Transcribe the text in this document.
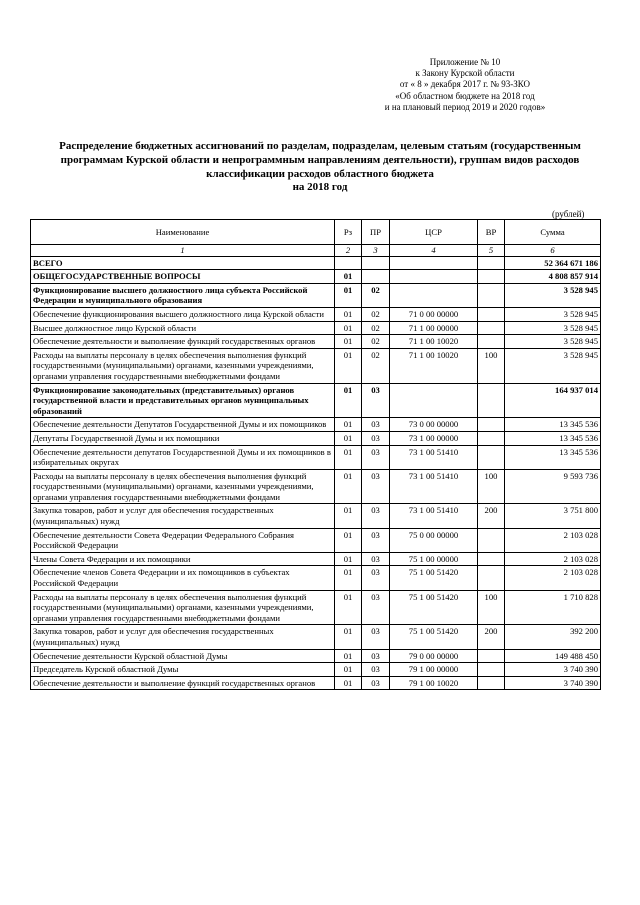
Приложение № 10
к Закону Курской области
от « 8 » декабря 2017 г. № 93-ЗКО
«Об областном бюджете на 2018 год
и на плановый период 2019 и 2020 годов»
Распределение бюджетных ассигнований по разделам, подразделам, целевым статьям (государственным
программам Курской области и непрограммным направлениям деятельности), группам видов расходов
классификации расходов областного бюджета
на 2018 год
(рублей)
Наименование	Рз	ПР	ЦСР	ВР	Сумма
1	2	3	4	5	6
ВСЕГО					52 364 671 186
ОБЩЕГОСУДАРСТВЕННЫЕ ВОПРОСЫ	01				4 808 857 914
Функционирование высшего должностного лица субъекта Российской Федерации и муниципального образования	01	02			3 528 945
Обеспечение функционирования высшего должностного лица Курской области	01	02	71 0 00 00000		3 528 945
Высшее должностное лицо Курской области	01	02	71 1 00 00000		3 528 945
Обеспечение деятельности и выполнение функций государственных органов	01	02	71 1 00 10020		3 528 945
Расходы на выплаты персоналу в целях обеспечения выполнения функций государственными (муниципальными) органами, казенными учреждениями, органами управления государственными внебюджетными фондами	01	02	71 1 00 10020	100	3 528 945
Функционирование законодательных (представительных) органов государственной власти и представительных органов муниципальных образований	01	03			164 937 014
Обеспечение деятельности Депутатов Государственной Думы и их помощников	01	03	73 0 00 00000		13 345 536
Депутаты Государственной Думы и их помощники	01	03	73 1 00 00000		13 345 536
Обеспечение деятельности депутатов Государственной Думы и их помощников в избирательных округах	01	03	73 1 00 51410		13 345 536
Расходы на выплаты персоналу в целях обеспечения выполнения функций государственными (муниципальными) органами, казенными учреждениями, органами управления государственными внебюджетными фондами	01	03	73 1 00 51410	100	9 593 736
Закупка товаров, работ и услуг для обеспечения государственных (муниципальных) нужд	01	03	73 1 00 51410	200	3 751 800
Обеспечение деятельности Совета Федерации Федерального Собрания Российской Федерации	01	03	75 0 00 00000		2 103 028
Члены Совета Федерации и их помощники	01	03	75 1 00 00000		2 103 028
Обеспечение членов Совета Федерации и их помощников в субъектах Российской Федерации	01	03	75 1 00 51420		2 103 028
Расходы на выплаты персоналу в целях обеспечения выполнения функций государственными (муниципальными) органами, казенными учреждениями, органами управления государственными внебюджетными фондами	01	03	75 1 00 51420	100	1 710 828
Закупка товаров, работ и услуг для обеспечения государственных (муниципальных) нужд	01	03	75 1 00 51420	200	392 200
Обеспечение деятельности Курской областной Думы	01	03	79 0 00 00000		149 488 450
Председатель Курской областной Думы	01	03	79 1 00 00000		3 740 390
Обеспечение деятельности и выполнение функций государственных органов	01	03	79 1 00 10020		3 740 390
